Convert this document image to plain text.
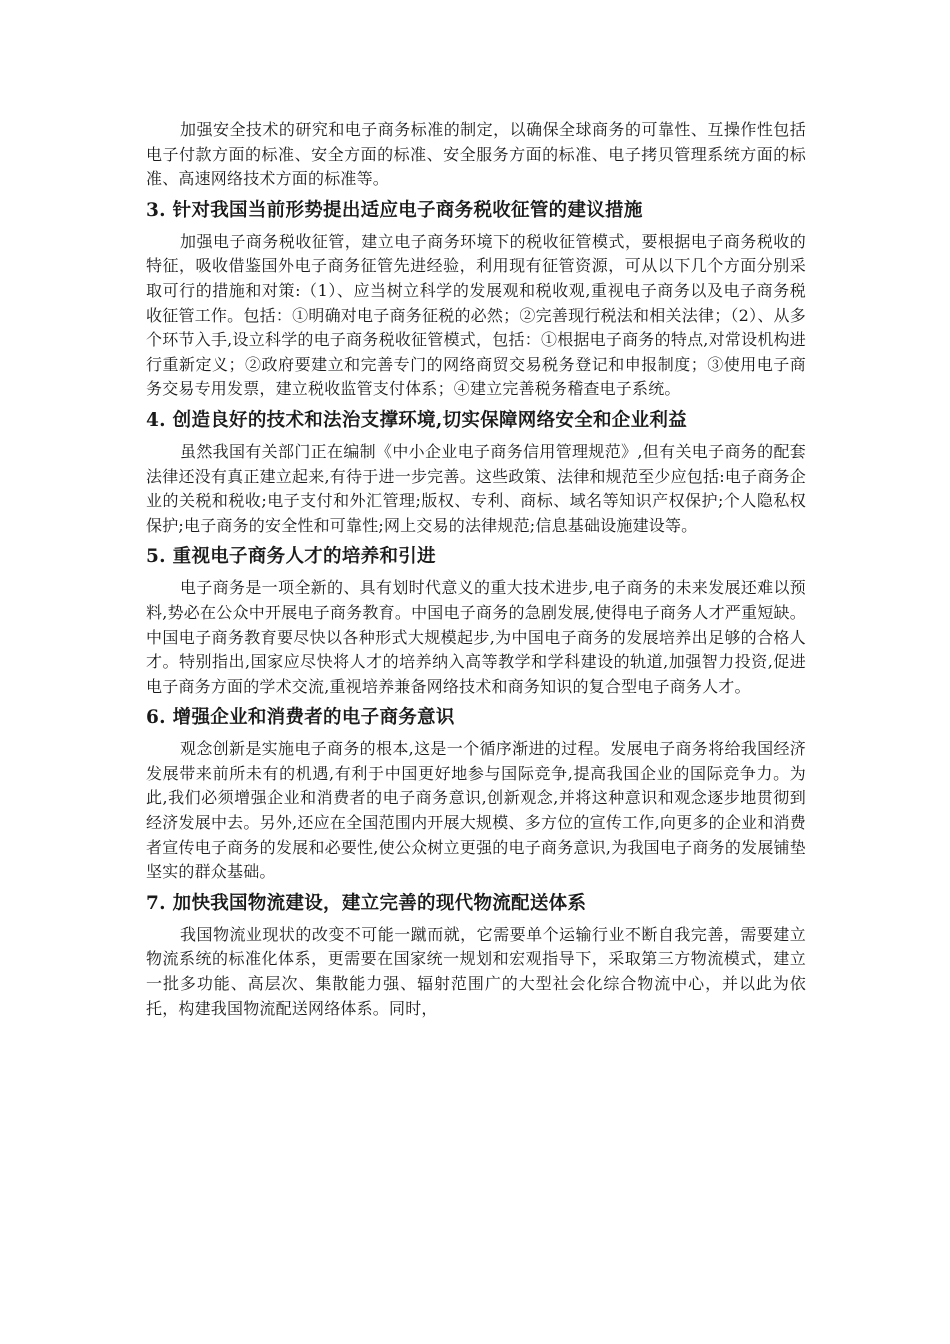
加强安全技术的研究和电子商务标准的制定，以确保全球商务的可靠性、互操作性包括电子付款方面的标准、安全方面的标准、安全服务方面的标准、电子拷贝管理系统方面的标准、高速网络技术方面的标准等。

3. 针对我国当前形势提出适应电子商务税收征管的建议措施

加强电子商务税收征管，建立电子商务环境下的税收征管模式，要根据电子商务税收的特征，吸收借鉴国外电子商务征管先进经验，利用现有征管资源，可从以下几个方面分别采取可行的措施和对策:（1）、应当树立科学的发展观和税收观,重视电子商务以及电子商务税收征管工作。包括：①明确对电子商务征税的必然；②完善现行税法和相关法律；（2）、从多个环节入手,设立科学的电子商务税收征管模式，包括：①根据电子商务的特点,对常设机构进行重新定义；②政府要建立和完善专门的网络商贸交易税务登记和申报制度；③使用电子商务交易专用发票，建立税收监管支付体系；④建立完善税务稽查电子系统。

4. 创造良好的技术和法治支撑环境,切实保障网络安全和企业利益

虽然我国有关部门正在编制《中小企业电子商务信用管理规范》,但有关电子商务的配套法律还没有真正建立起来,有待于进一步完善。这些政策、法律和规范至少应包括:电子商务企业的关税和税收;电子支付和外汇管理;版权、专利、商标、域名等知识产权保护;个人隐私权保护;电子商务的安全性和可靠性;网上交易的法律规范;信息基础设施建设等。

5. 重视电子商务人才的培养和引进

电子商务是一项全新的、具有划时代意义的重大技术进步,电子商务的未来发展还难以预料,势必在公众中开展电子商务教育。中国电子商务的急剧发展,使得电子商务人才严重短缺。中国电子商务教育要尽快以各种形式大规模起步,为中国电子商务的发展培养出足够的合格人才。特别指出,国家应尽快将人才的培养纳入高等教学和学科建设的轨道,加强智力投资,促进电子商务方面的学术交流,重视培养兼备网络技术和商务知识的复合型电子商务人才。

6. 增强企业和消费者的电子商务意识

观念创新是实施电子商务的根本,这是一个循序渐进的过程。发展电子商务将给我国经济发展带来前所未有的机遇,有利于中国更好地参与国际竞争,提高我国企业的国际竞争力。为此,我们必须增强企业和消费者的电子商务意识,创新观念,并将这种意识和观念逐步地贯彻到经济发展中去。另外,还应在全国范围内开展大规模、多方位的宣传工作,向更多的企业和消费者宣传电子商务的发展和必要性,使公众树立更强的电子商务意识,为我国电子商务的发展铺垫坚实的群众基础。

7. 加快我国物流建设，建立完善的现代物流配送体系

我国物流业现状的改变不可能一蹴而就，它需要单个运输行业不断自我完善，需要建立物流系统的标准化体系，更需要在国家统一规划和宏观指导下，采取第三方物流模式，建立一批多功能、高层次、集散能力强、辐射范围广的大型社会化综合物流中心，并以此为依托，构建我国物流配送网络体系。同时，
